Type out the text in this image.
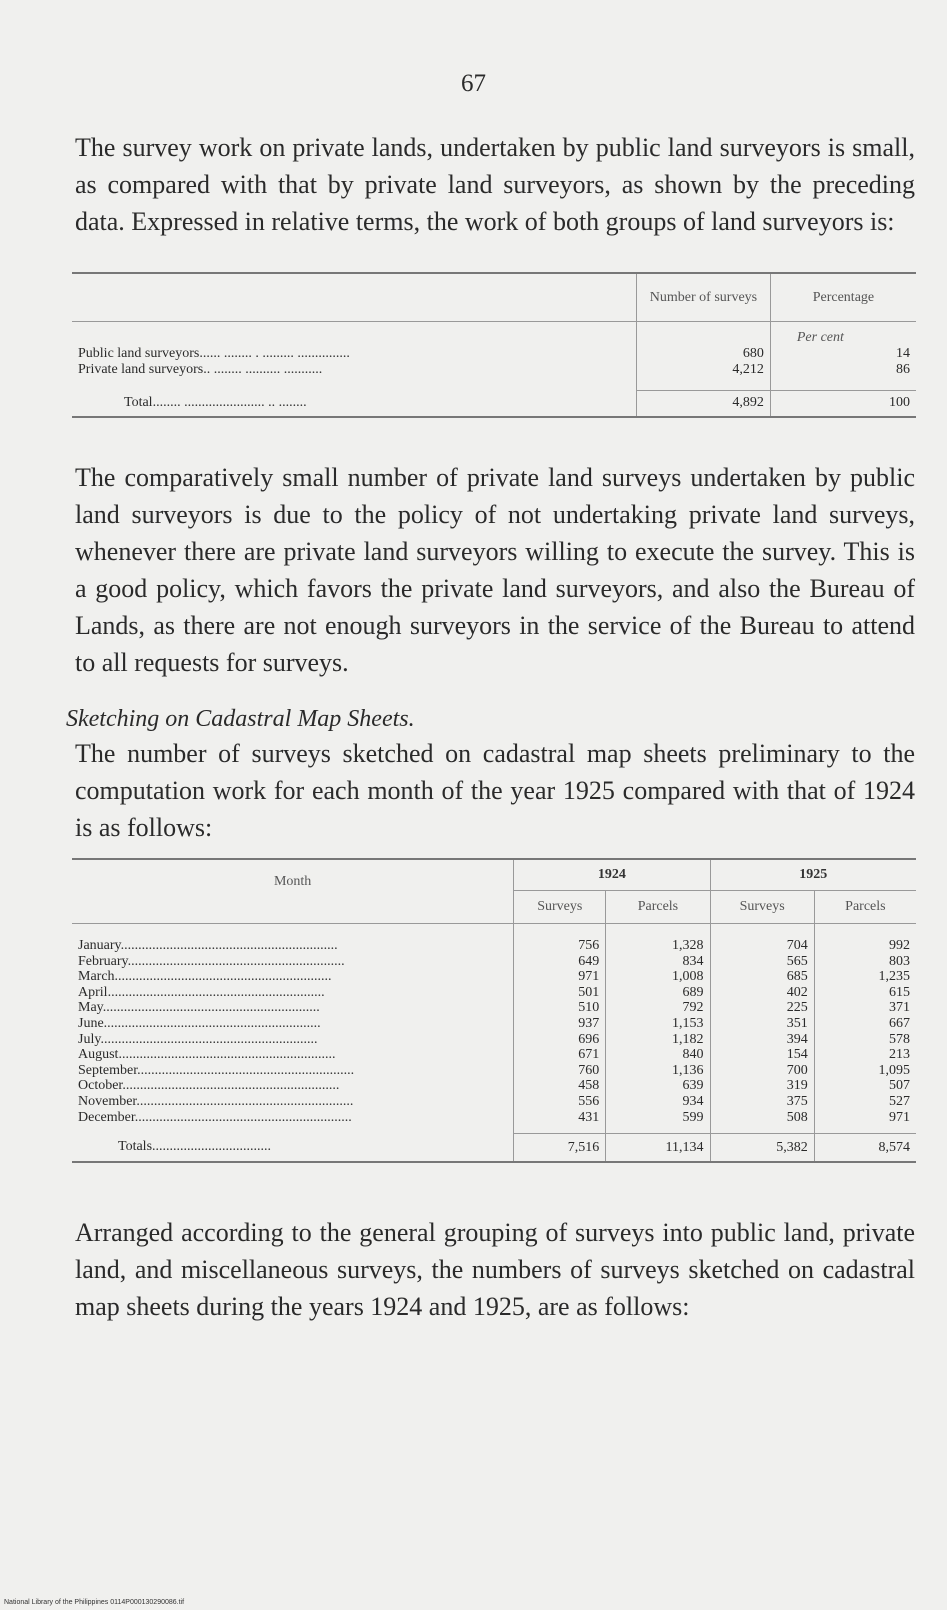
67

The survey work on private lands, undertaken by public land surveyors is small, as compared with that by private land surveyors, as shown by the preceding data. Expressed in relative terms, the work of both groups of land surveyors is:

	Number of surveys	Percentage
		Per cent
Public land surveyors...... ........ . ......... ...............	680	14
Private land surveyors.. ........ .......... ...........	4,212	86

Total........ ....................... .. ........	4,892	100

The comparatively small number of private land surveys undertaken by public land surveyors is due to the policy of not undertaking private land surveys, whenever there are private land surveyors willing to execute the survey. This is a good policy, which favors the private land surveyors, and also the Bureau of Lands, as there are not enough surveyors in the service of the Bureau to attend to all requests for surveys.

Sketching on Cadastral Map Sheets.

The number of surveys sketched on cadastral map sheets preliminary to the computation work for each month of the year 1925 compared with that of 1924 is as follows:

Month	1924		1925	
	Surveys	Parcels	Surveys	Parcels

January..............................................................	756	1,328	704	992
February..............................................................	649	834	565	803
March..............................................................	971	1,008	685	1,235
April..............................................................	501	689	402	615
May..............................................................	510	792	225	371
June..............................................................	937	1,153	351	667
July..............................................................	696	1,182	394	578
August..............................................................	671	840	154	213
September..............................................................	760	1,136	700	1,095
October..............................................................	458	639	319	507
November..............................................................	556	934	375	527
December..............................................................	431	599	508	971

Totals..................................	7,516	11,134	5,382	8,574

Arranged according to the general grouping of surveys into public land, private land, and miscellaneous surveys, the numbers of surveys sketched on cadastral map sheets during the years 1924 and 1925, are as follows:

National Library of the Philippines 0114P000130290086.tif
